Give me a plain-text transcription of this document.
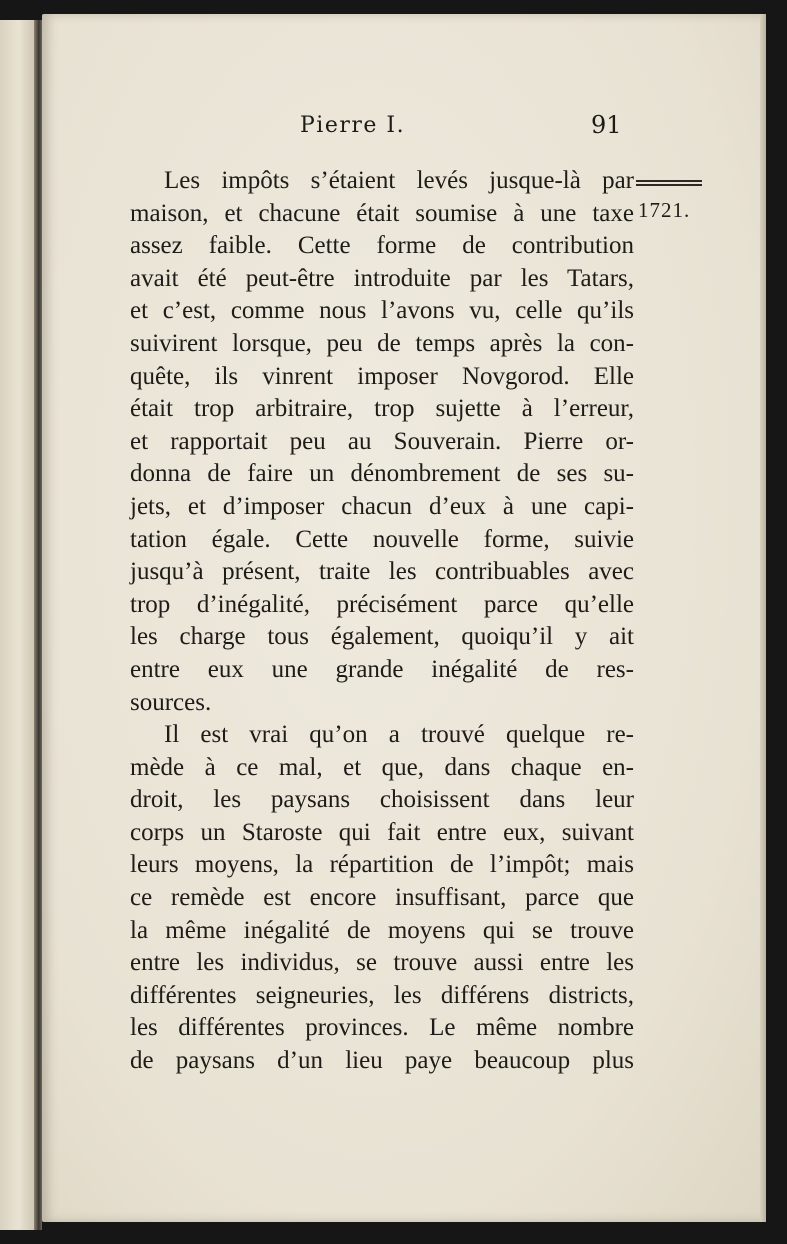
Pierre I.	91
1721.
Les impôts s’étaient levés jusque-là par
maison, et chacune était soumise à une taxe
assez faible. Cette forme de contribution
avait été peut-être introduite par les Tatars,
et c’est, comme nous l’avons vu, celle qu’ils
suivirent lorsque, peu de temps après la con-
quête, ils vinrent imposer Novgorod. Elle
était trop arbitraire, trop sujette à l’erreur,
et rapportait peu au Souverain. Pierre or-
donna de faire un dénombrement de ses su-
jets, et d’imposer chacun d’eux à une capi-
tation égale. Cette nouvelle forme, suivie
jusqu’à présent, traite les contribuables avec
trop d’inégalité, précisément parce qu’elle
les charge tous également, quoiqu’il y ait
entre eux une grande inégalité de res-
sources.
Il est vrai qu’on a trouvé quelque re-
mède à ce mal, et que, dans chaque en-
droit, les paysans choisissent dans leur
corps un Staroste qui fait entre eux, suivant
leurs moyens, la répartition de l’impôt; mais
ce remède est encore insuffisant, parce que
la même inégalité de moyens qui se trouve
entre les individus, se trouve aussi entre les
différentes seigneuries, les différens districts,
les différentes provinces. Le même nombre
de paysans d’un lieu paye beaucoup plus
